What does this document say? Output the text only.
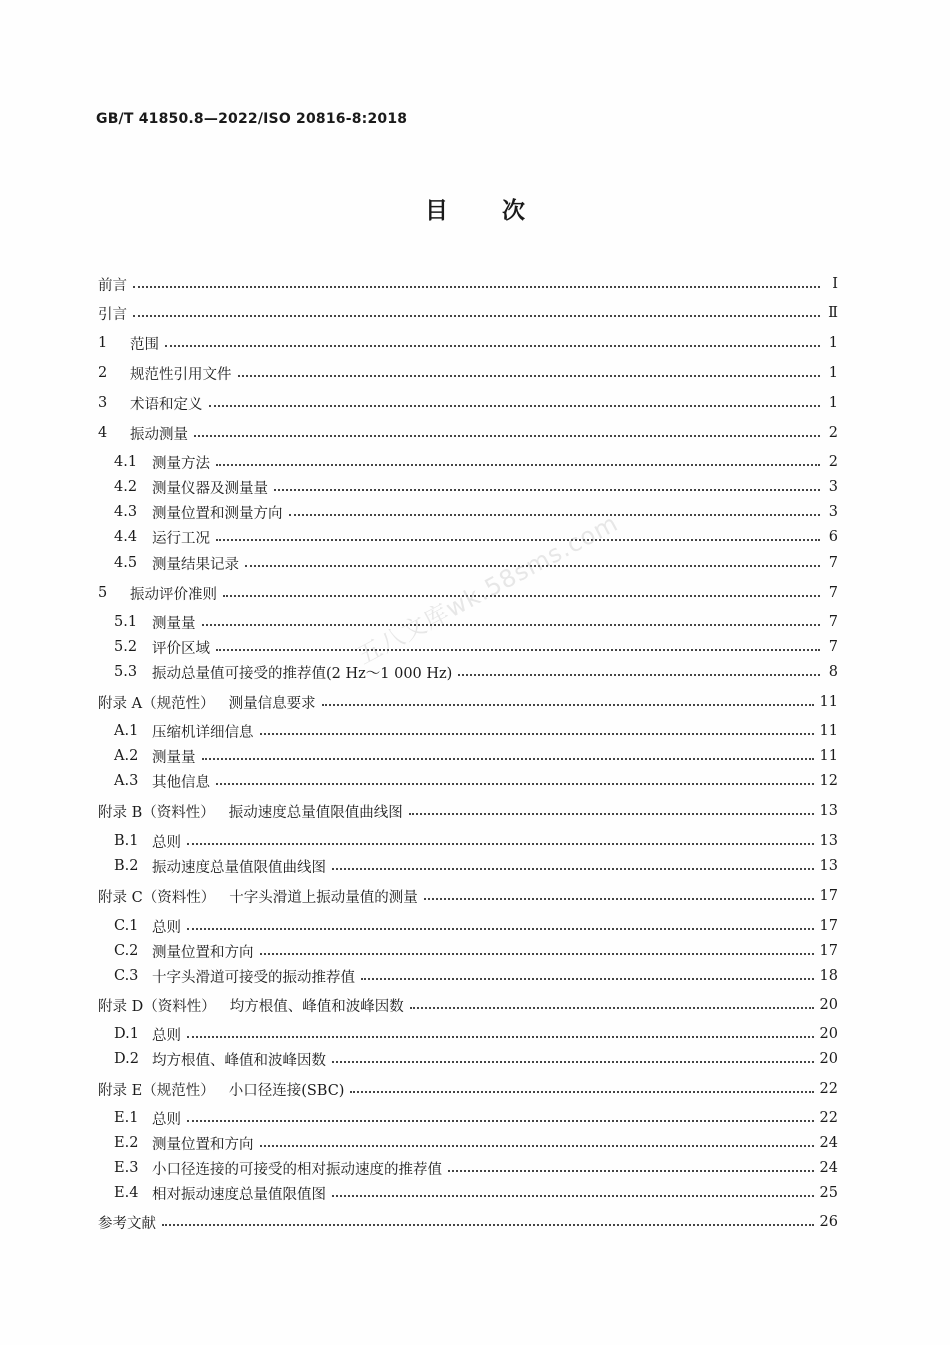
GB/T 41850.8—2022/ISO 20816-8:2018
目 次
前言	Ⅰ
引言	Ⅱ
1	范围	1
2	规范性引用文件	1
3	术语和定义	1
4	振动测量	2
4.1	测量方法	2
4.2	测量仪器及测量量	3
4.3	测量位置和测量方向	3
4.4	运行工况	6
4.5	测量结果记录	7
5	振动评价准则	7
5.1	测量量	7
5.2	评价区域	7
5.3	振动总量值可接受的推荐值(2 Hz～1 000 Hz)	8
附录 A（规范性） 测量信息要求	11
A.1 压缩机详细信息	11
A.2 测量量	11
A.3 其他信息	12
附录 B（资料性） 振动速度总量值限值曲线图	13
B.1 总则	13
B.2 振动速度总量值限值曲线图	13
附录 C（资料性） 十字头滑道上振动量值的测量	17
C.1 总则	17
C.2 测量位置和方向	17
C.3 十字头滑道可接受的振动推荐值	18
附录 D（资料性） 均方根值、峰值和波峰因数	20
D.1 总则	20
D.2 均方根值、峰值和波峰因数	20
附录 E（规范性） 小口径连接(SBC)	22
E.1 总则	22
E.2 测量位置和方向	24
E.3 小口径连接的可接受的相对振动速度的推荐值	24
E.4 相对振动速度总量值限值图	25
参考文献	26
五八文库wk.58sms.com
